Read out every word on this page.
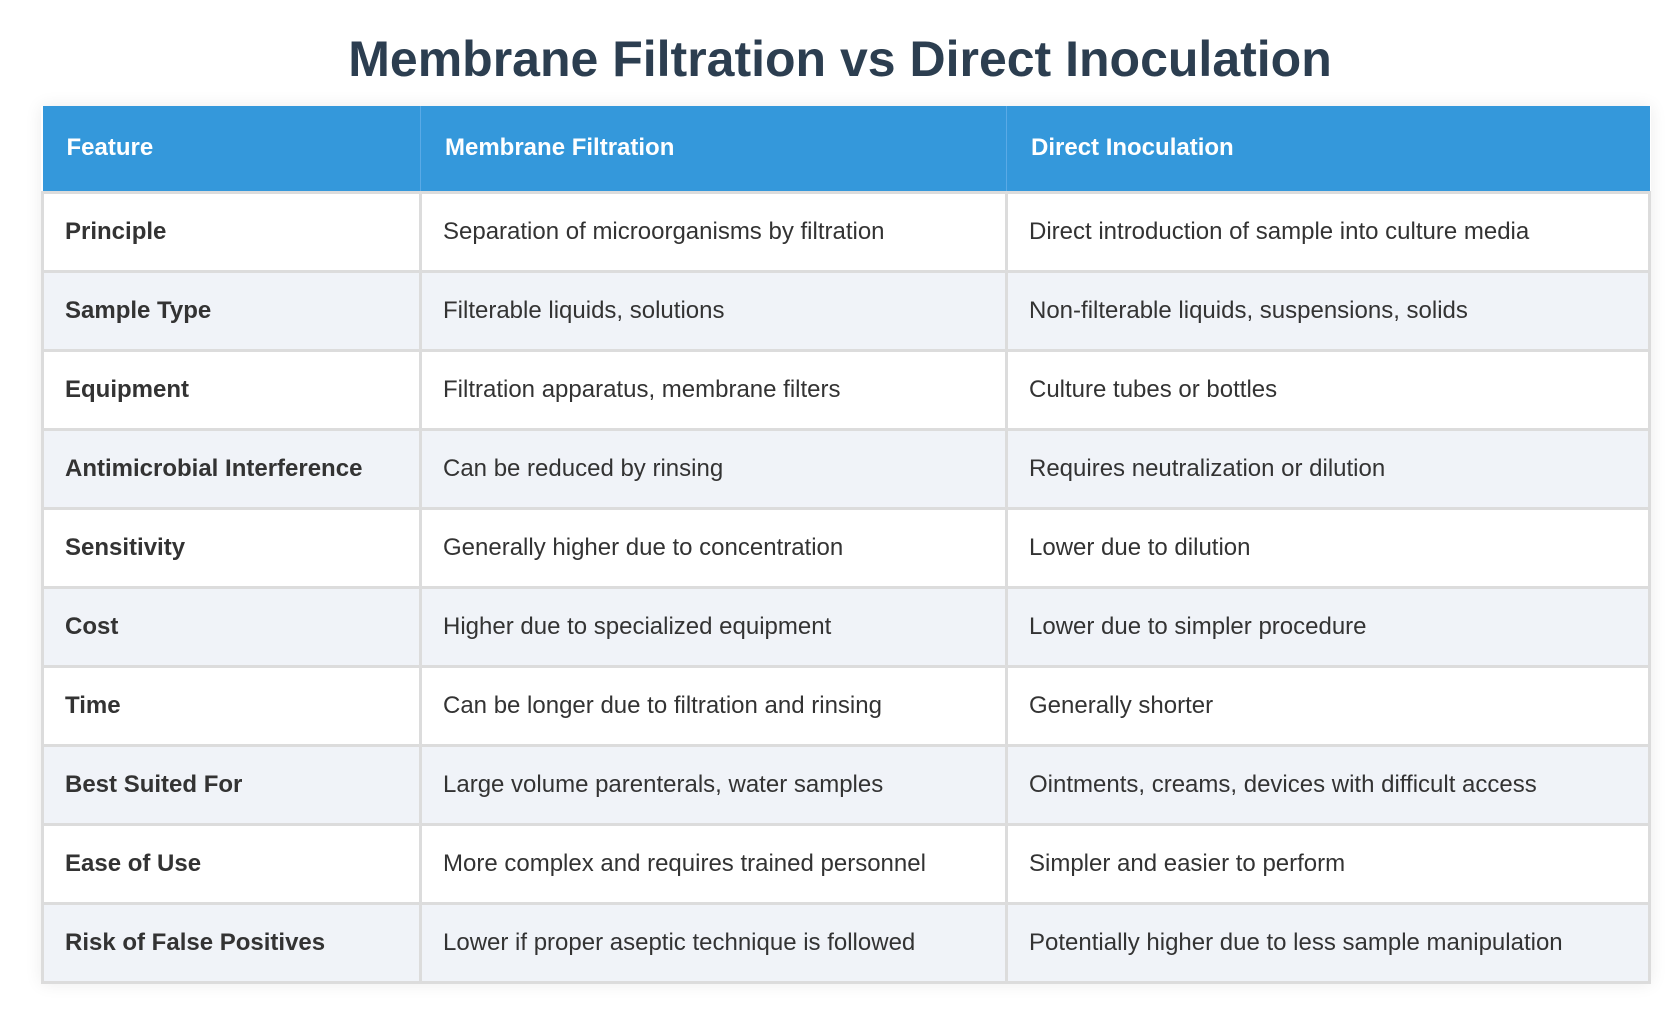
Membrane Filtration vs Direct Inoculation
Feature	Membrane Filtration	Direct Inoculation
Principle	Separation of microorganisms by filtration	Direct introduction of sample into culture media
Sample Type	Filterable liquids, solutions	Non-filterable liquids, suspensions, solids
Equipment	Filtration apparatus, membrane filters	Culture tubes or bottles
Antimicrobial Interference	Can be reduced by rinsing	Requires neutralization or dilution
Sensitivity	Generally higher due to concentration	Lower due to dilution
Cost	Higher due to specialized equipment	Lower due to simpler procedure
Time	Can be longer due to filtration and rinsing	Generally shorter
Best Suited For	Large volume parenterals, water samples	Ointments, creams, devices with difficult access
Ease of Use	More complex and requires trained personnel	Simpler and easier to perform
Risk of False Positives	Lower if proper aseptic technique is followed	Potentially higher due to less sample manipulation
